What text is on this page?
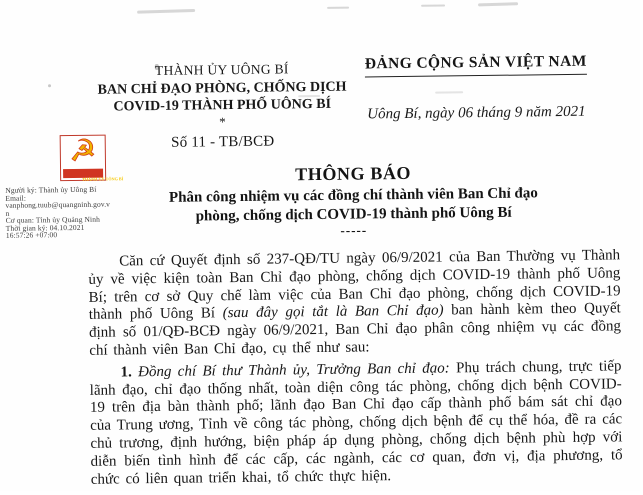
THÀNH ỦY UÔNG BÍ
BAN CHỈ ĐẠO PHÒNG, CHỐNG DỊCH
COVID-19 THÀNH PHỐ UÔNG BÍ
*
Số 11 - TB/BCĐ
ĐẢNG CỘNG SẢN VIỆT NAM
Uông Bí, ngày 06 tháng 9 năm 2021
☭
THÀNH ỦY UÔNG BÍ
Người ký: Thành ủy Uông Bí
Email:
vanphong.tuub@quangninh.gov.v
n
Cơ quan: Tỉnh ủy Quảng Ninh
Thời gian ký: 04.10.2021
16:57:26 +07:00
THÔNG BÁO
Phân công nhiệm vụ các đồng chí thành viên Ban Chỉ đạo
phòng, chống dịch COVID-19 thành phố Uông Bí
-----

Căn cứ Quyết định số 237-QĐ/TU ngày 06/9/2021 của Ban Thường vụ Thành ủy về việc kiện toàn Ban Chỉ đạo phòng, chống dịch COVID-19 thành phố Uông Bí; trên cơ sở Quy chế làm việc của Ban Chỉ đạo phòng, chống dịch COVID-19 thành phố Uông Bí (sau đây gọi tắt là Ban Chỉ đạo) ban hành kèm theo Quyết định số 01/QĐ-BCĐ ngày 06/9/2021, Ban Chỉ đạo phân công nhiệm vụ các đồng chí thành viên Ban Chỉ đạo, cụ thể như sau:

1. Đồng chí Bí thư Thành ủy, Trưởng Ban chỉ đạo: Phụ trách chung, trực tiếp lãnh đạo, chỉ đạo thống nhất, toàn diện công tác phòng, chống dịch bệnh COVID-19 trên địa bàn thành phố; lãnh đạo Ban Chỉ đạo cấp thành phố bám sát chỉ đạo của Trung ương, Tỉnh về công tác phòng, chống dịch bệnh để cụ thể hóa, đề ra các chủ trương, định hướng, biện pháp áp dụng phòng, chống dịch bệnh phù hợp với diễn biến tình hình để các cấp, các ngành, các cơ quan, đơn vị, địa phương, tổ chức có liên quan triển khai, tổ chức thực hiện.
